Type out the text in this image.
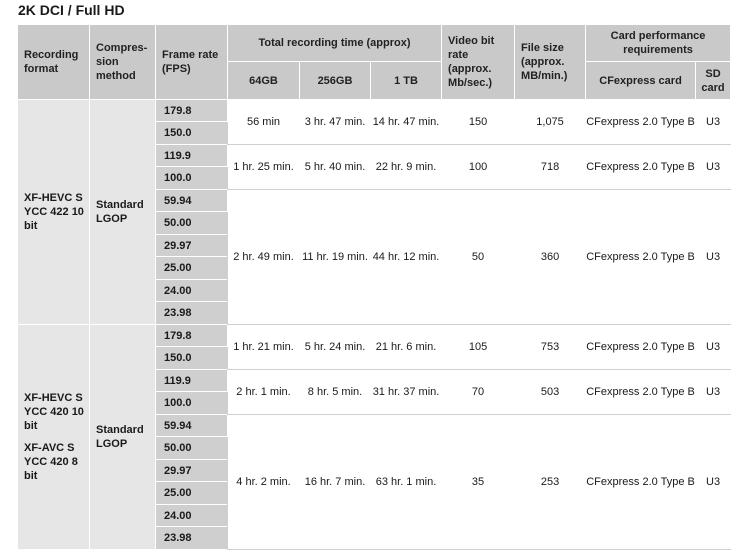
2K DCI / Full HD
Recording format	Compres-sion method	Frame rate (FPS)	Total recording time (approx)			Video bit rate (approx. Mb/sec.)	File size (approx. MB/min.)	Card performance requirements	
			64GB	256GB	1 TB			CFexpress card	SD card
XF-HEVC S YCC 422 10 bit	Standard LGOP	179.8	56 min	3 hr. 47 min.	14 hr. 47 min.	150	1,075	CFexpress 2.0 Type B	U3
		150.0							
		119.9	1 hr. 25 min.	5 hr. 40 min.	22 hr. 9 min.	100	718	CFexpress 2.0 Type B	U3
		100.0							
		59.94	2 hr. 49 min.	11 hr. 19 min.	44 hr. 12 min.	50	360	CFexpress 2.0 Type B	U3
		50.00							
		29.97							
		25.00							
		24.00							
		23.98							

XF-HEVC S YCC 420 10 bit
XF-AVC S YCC 420 8 bit	Standard LGOP	179.8	1 hr. 21 min.	5 hr. 24 min.	21 hr. 6 min.	105	753	CFexpress 2.0 Type B	U3
		150.0							
		119.9	2 hr. 1 min.	8 hr. 5 min.	31 hr. 37 min.	70	503	CFexpress 2.0 Type B	U3
		100.0							
		59.94	4 hr. 2 min.	16 hr. 7 min.	63 hr. 1 min.	35	253	CFexpress 2.0 Type B	U3
		50.00							
		29.97							
		25.00							
		24.00							
		23.98							
